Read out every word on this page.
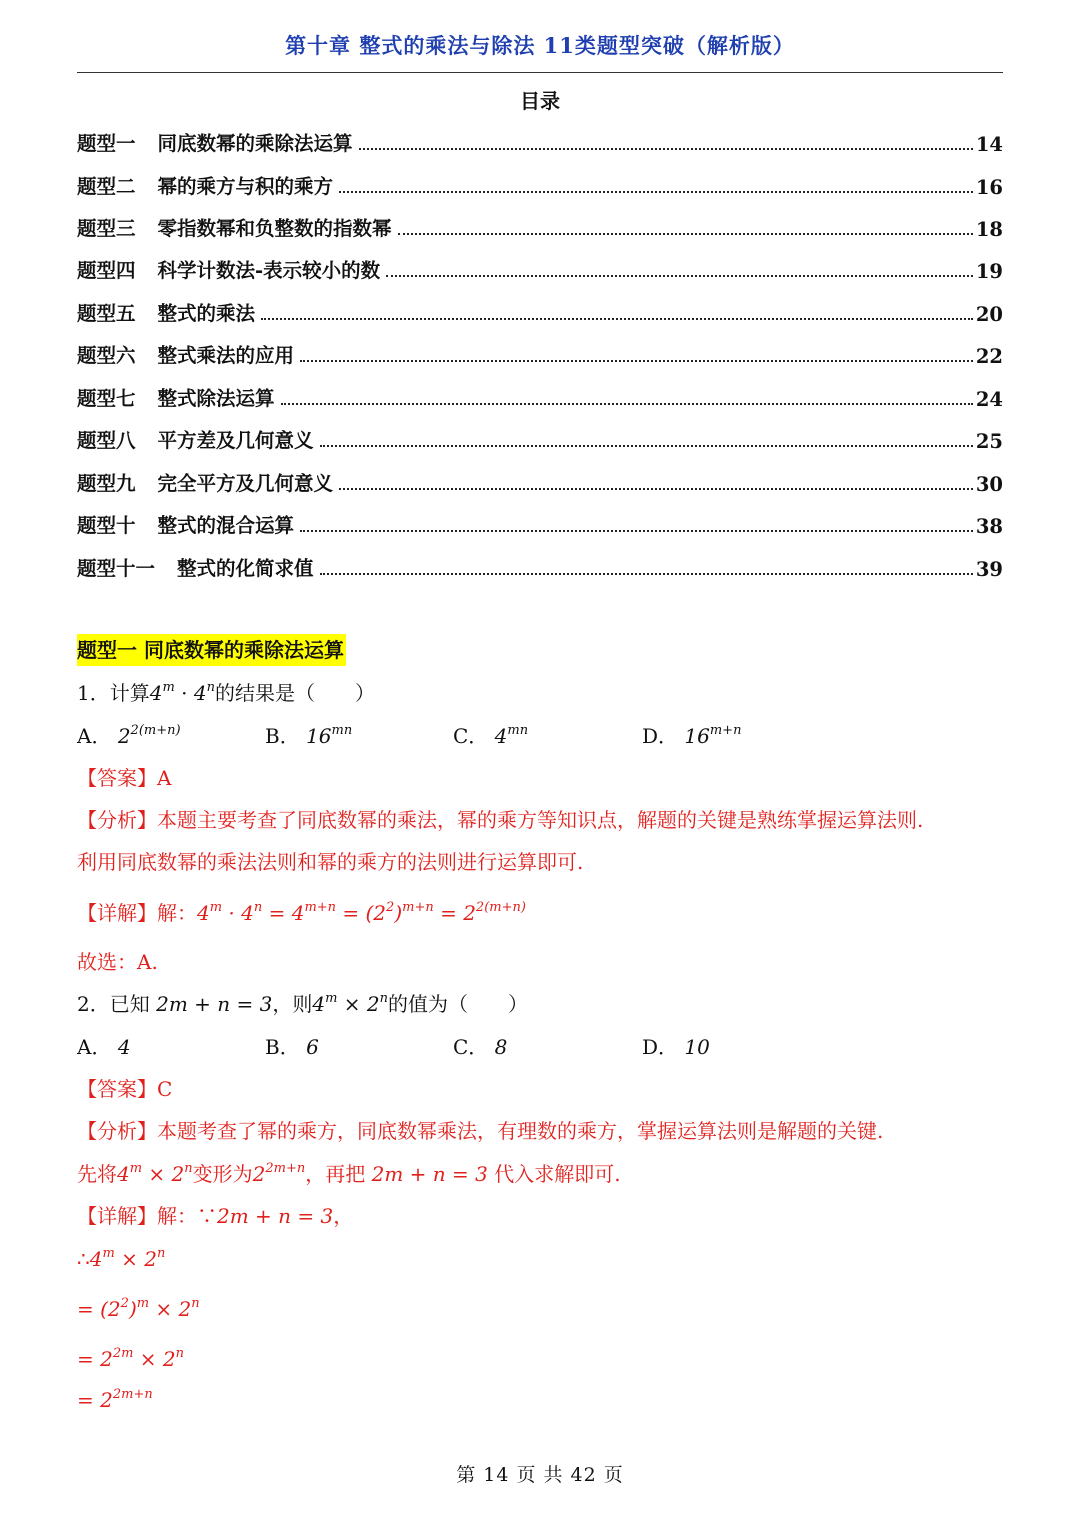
第十章 整式的乘法与除法 11类题型突破（解析版）
目录
题型一 同底数幂的乘除法运算	14
题型二 幂的乘方与积的乘方	16
题型三 零指数幂和负整数的指数幂	18
题型四 科学计数法-表示较小的数	19
题型五 整式的乘法	20
题型六 整式乘法的应用	22
题型七 整式除法运算	24
题型八 平方差及几何意义	25
题型九 完全平方及几何意义	30
题型十 整式的混合运算	38
题型十一 整式的化简求值	39
题型一 同底数幂的乘除法运算
1．计算$4^m \cdot 4^n$的结果是（　　）
A． $2^{2(m+n)}$	B． $16^{mn}$	C． $4^{mn}$	D． $16^{m+n}$
【答案】A
【分析】本题主要考查了同底数幂的乘法，幂的乘方等知识点，解题的关键是熟练掌握运算法则.
利用同底数幂的乘法法则和幂的乘方的法则进行运算即可.
【详解】解：$4^m \cdot 4^n = 4^{m+n} = (2^2)^{m+n} = 2^{2(m+n)}$
故选：A.
2．已知 2m + n = 3，则$4^m \times 2^n$的值为（　　）
A． 4	B． 6	C． 8	D． 10
【答案】C
【分析】本题考查了幂的乘方，同底数幂乘法，有理数的乘方，掌握运算法则是解题的关键.
先将$4^m \times 2^n$变形为$2^{2m+n}$，再把 2m + n = 3 代入求解即可.
【详解】解：∵2m + n = 3，
$\therefore 4^m \times 2^n$
= $(2^2)^m \times 2^n$
= $2^{2m} \times 2^n$
= $2^{2m+n}$
第 14 页 共 42 页
